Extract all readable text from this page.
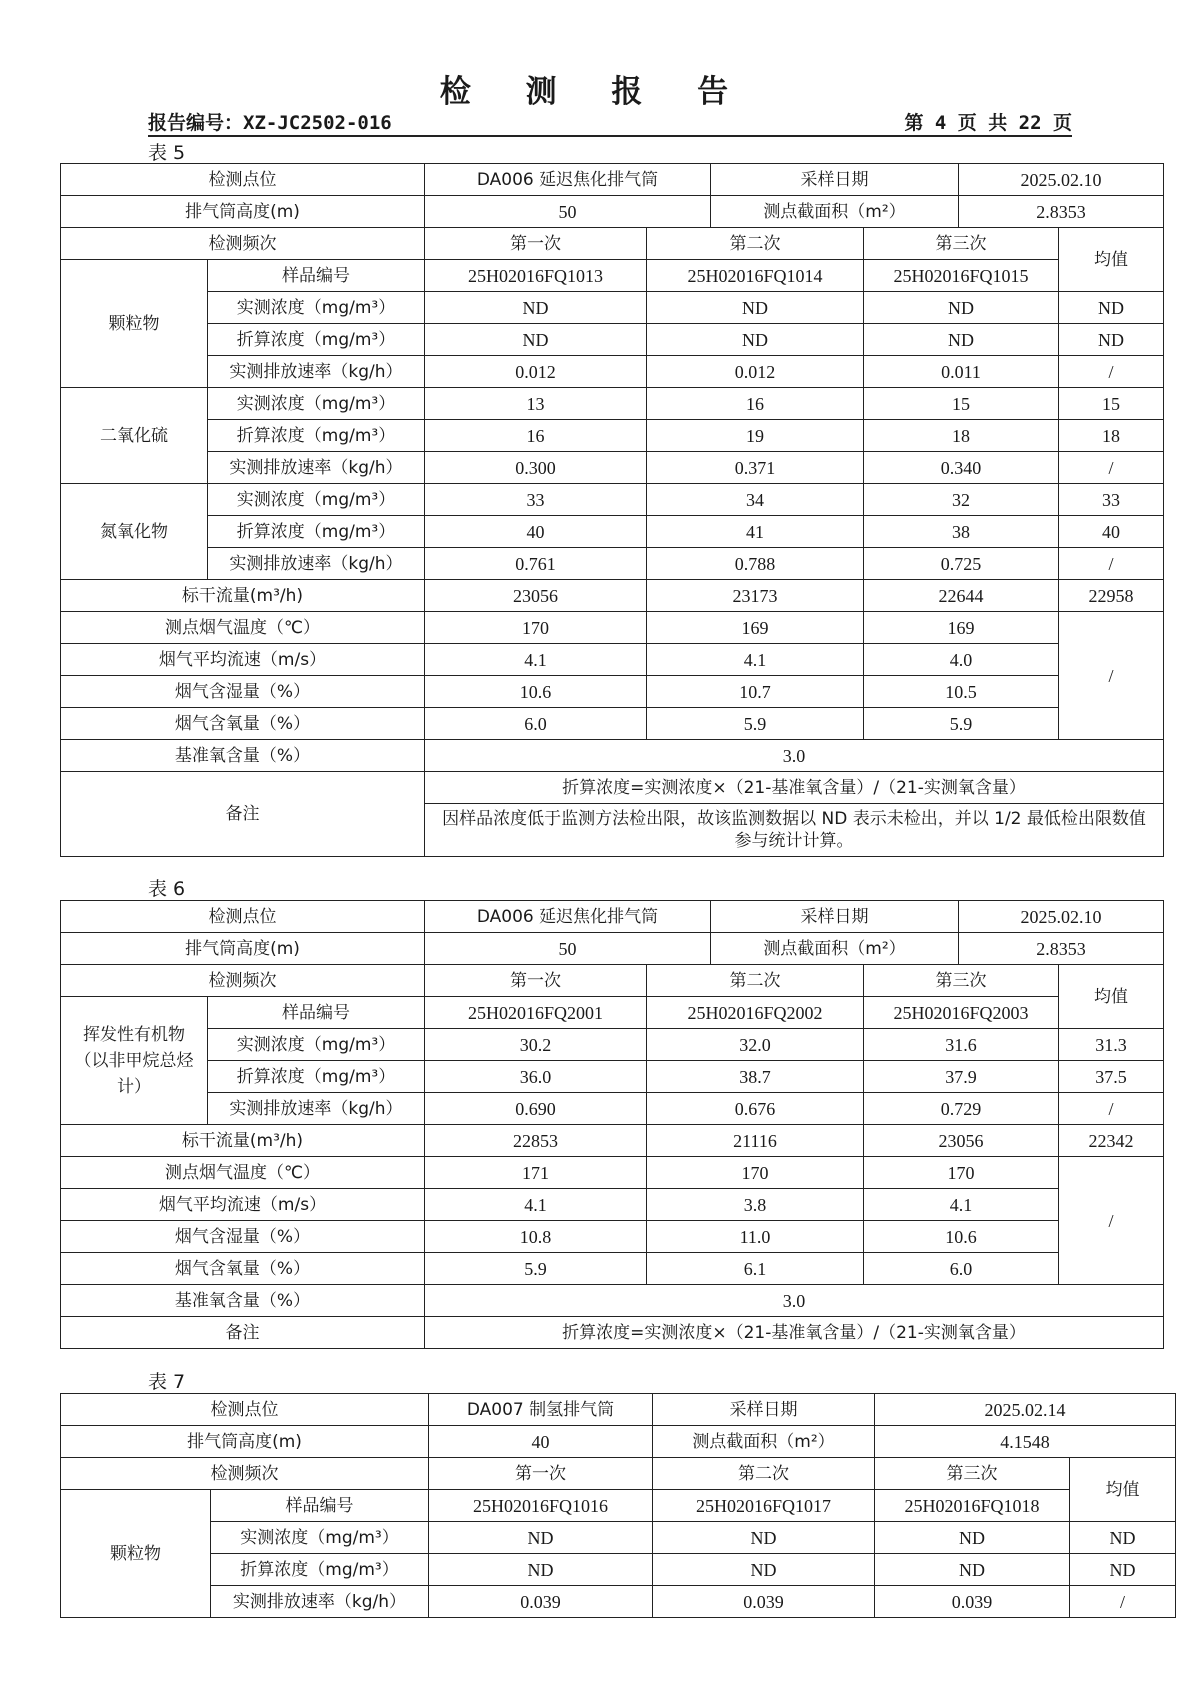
检 测 报 告
报告编号：XZ-JC2502-016	第 4 页 共 22 页
表 5
检测点位		DA006 延迟焦化排气筒		采样日期		2025.02.10	
排气筒高度(m)		50		测点截面积（m²）		2.8353	
检测频次		第一次	第二次		第三次		均值
颗粒物	样品编号	25H02016FQ1013	25H02016FQ1014		25H02016FQ1015		
	实测浓度（mg/m³）	ND	ND		ND		ND
	折算浓度（mg/m³）	ND	ND		ND		ND
	实测排放速率（kg/h）	0.012	0.012		0.011		/
二氧化硫	实测浓度（mg/m³）	13	16		15		15
	折算浓度（mg/m³）	16	19		18		18
	实测排放速率（kg/h）	0.300	0.371		0.340		/
氮氧化物	实测浓度（mg/m³）	33	34		32		33
	折算浓度（mg/m³）	40	41		38		40
	实测排放速率（kg/h）	0.761	0.788		0.725		/
标干流量(m³/h)		23056	23173		22644		22958
测点烟气温度（℃）		170	169		169		/
烟气平均流速（m/s）		4.1	4.1		4.0		
烟气含湿量（%）		10.6	10.7		10.5		
烟气含氧量（%）		6.0	5.9		5.9		
基准氧含量（%）		3.0					
备注		折算浓度=实测浓度×（21-基准氧含量）/（21-实测氧含量）					
		因样品浓度低于监测方法检出限，故该监测数据以 ND 表示未检出，并以 1/2 最低检出限数值参与统计计算。					
表 6
检测点位		DA006 延迟焦化排气筒		采样日期		2025.02.10	
排气筒高度(m)		50		测点截面积（m²）		2.8353	
检测频次		第一次	第二次		第三次		均值
挥发性有机物（以非甲烷总烃计）	样品编号	25H02016FQ2001	25H02016FQ2002		25H02016FQ2003		
	实测浓度（mg/m³）	30.2	32.0		31.6		31.3
	折算浓度（mg/m³）	36.0	38.7		37.9		37.5
	实测排放速率（kg/h）	0.690	0.676		0.729		/
标干流量(m³/h)		22853	21116		23056		22342
测点烟气温度（℃）		171	170		170		/
烟气平均流速（m/s）		4.1	3.8		4.1		
烟气含湿量（%）		10.8	11.0		10.6		
烟气含氧量（%）		5.9	6.1		6.0		
基准氧含量（%）		3.0					
备注		折算浓度=实测浓度×（21-基准氧含量）/（21-实测氧含量）					
表 7
检测点位		DA007 制氢排气筒	采样日期	2025.02.14	
排气筒高度(m)		40	测点截面积（m²）	4.1548	
检测频次		第一次	第二次	第三次	均值
颗粒物	样品编号	25H02016FQ1016	25H02016FQ1017	25H02016FQ1018	
	实测浓度（mg/m³）	ND	ND	ND	ND
	折算浓度（mg/m³）	ND	ND	ND	ND
	实测排放速率（kg/h）	0.039	0.039	0.039	/
